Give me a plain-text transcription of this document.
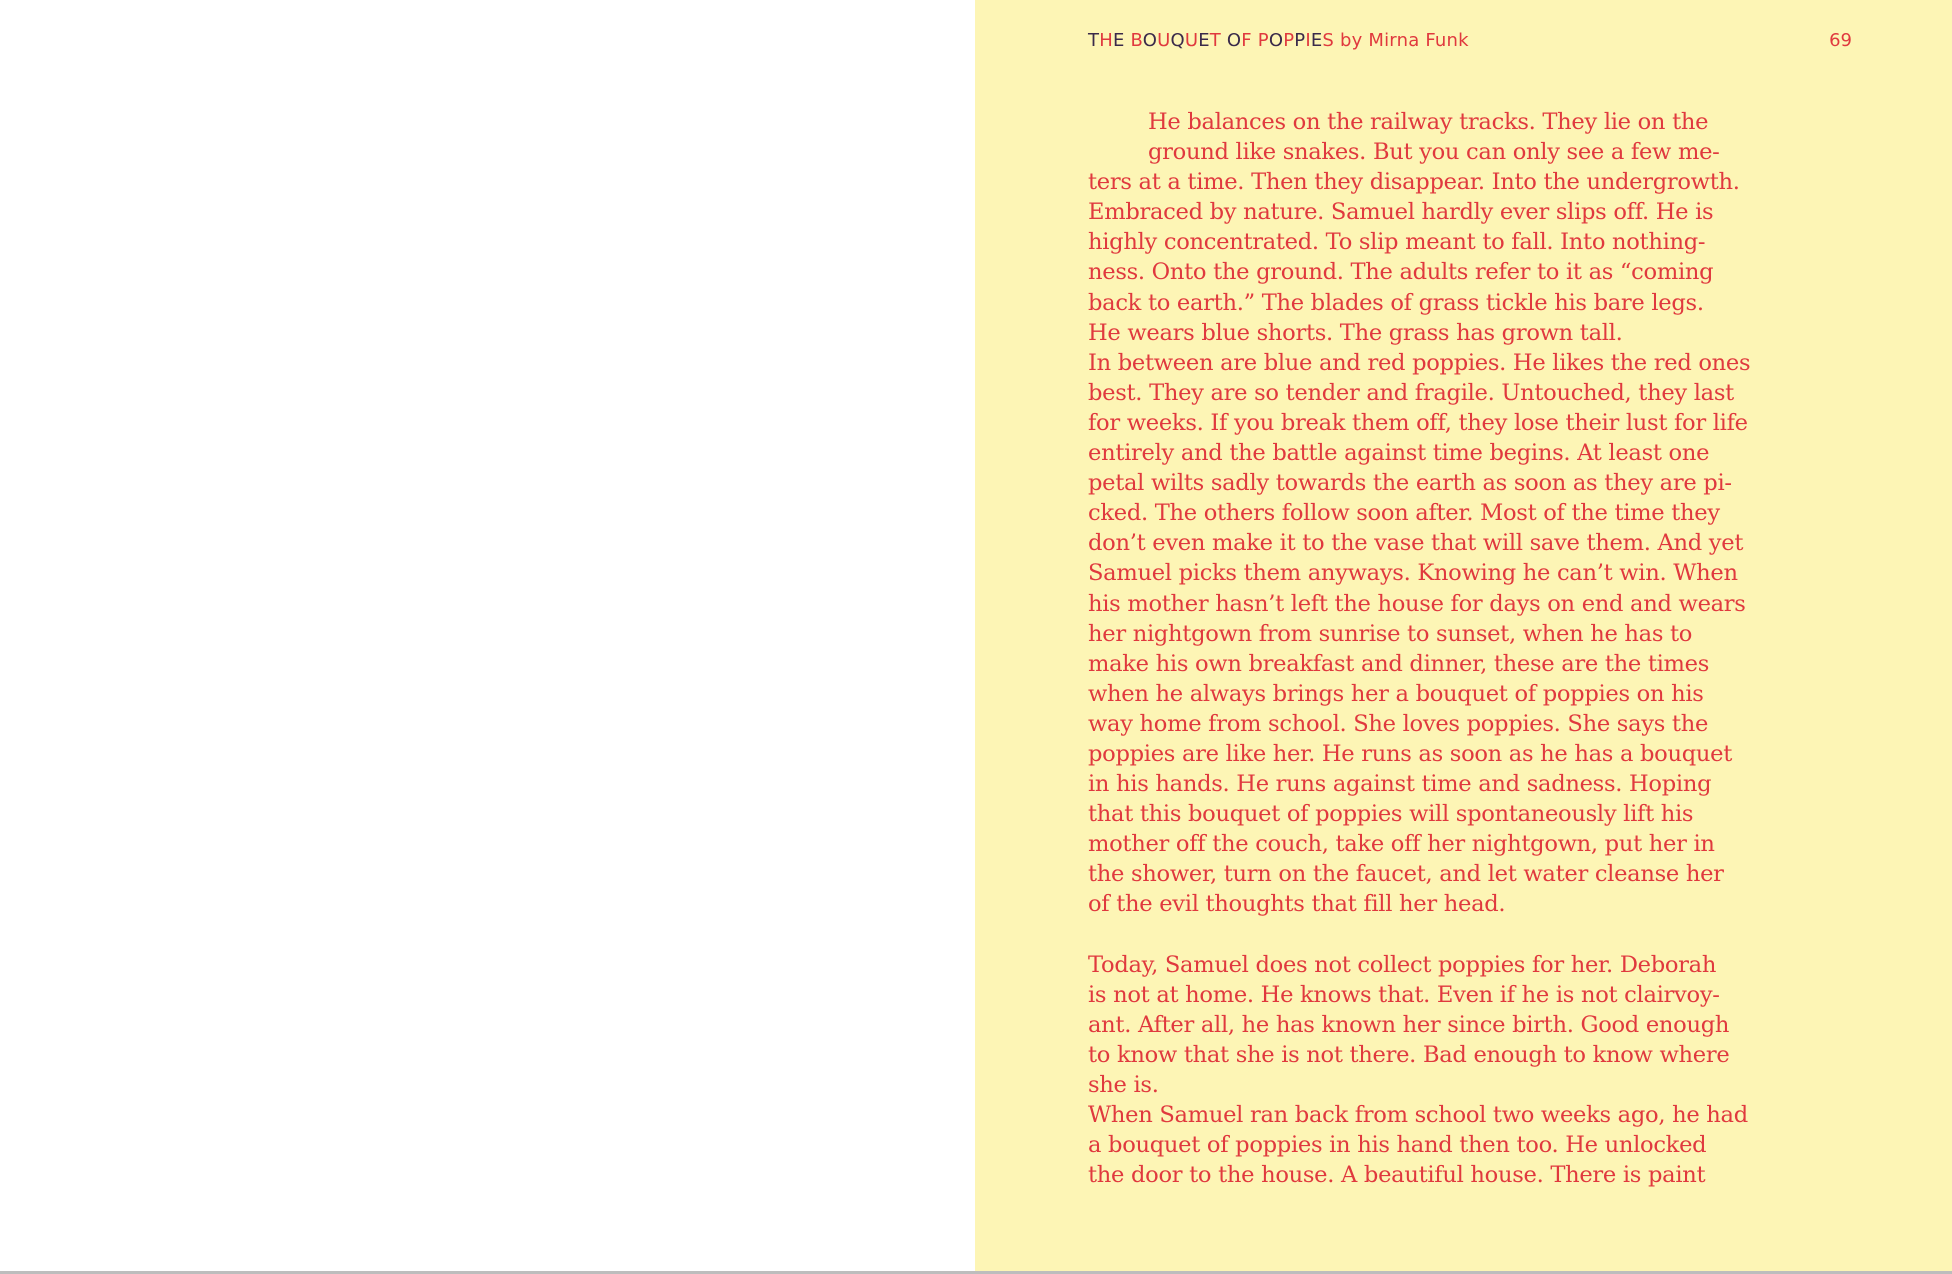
THE BOUQUET OF POPPIES by Mirna Funk	69
He balances on the railway tracks. They lie on the
ground like snakes. But you can only see a few me-
ters at a time. Then they disappear. Into the undergrowth.
Embraced by nature. Samuel hardly ever slips off. He is
highly concentrated. To slip meant to fall. Into nothing-
ness. Onto the ground. The adults refer to it as “coming
back to earth.” The blades of grass tickle his bare legs.
He wears blue shorts. The grass has grown tall.
In between are blue and red poppies. He likes the red ones
best. They are so tender and fragile. Untouched, they last
for weeks. If you break them off, they lose their lust for life
entirely and the battle against time begins. At least one
petal wilts sadly towards the earth as soon as they are pi-
cked. The others follow soon after. Most of the time they
don’t even make it to the vase that will save them. And yet
Samuel picks them anyways. Knowing he can’t win. When
his mother hasn’t left the house for days on end and wears
her nightgown from sunrise to sunset, when he has to
make his own breakfast and dinner, these are the times
when he always brings her a bouquet of poppies on his
way home from school. She loves poppies. She says the
poppies are like her. He runs as soon as he has a bouquet
in his hands. He runs against time and sadness. Hoping
that this bouquet of poppies will spontaneously lift his
mother off the couch, take off her nightgown, put her in
the shower, turn on the faucet, and let water cleanse her
of the evil thoughts that fill her head.
Today, Samuel does not collect poppies for her. Deborah
is not at home. He knows that. Even if he is not clairvoy-
ant. After all, he has known her since birth. Good enough
to know that she is not there. Bad enough to know where
she is.
When Samuel ran back from school two weeks ago, he had
a bouquet of poppies in his hand then too. He unlocked
the door to the house. A beautiful house. There is paint
